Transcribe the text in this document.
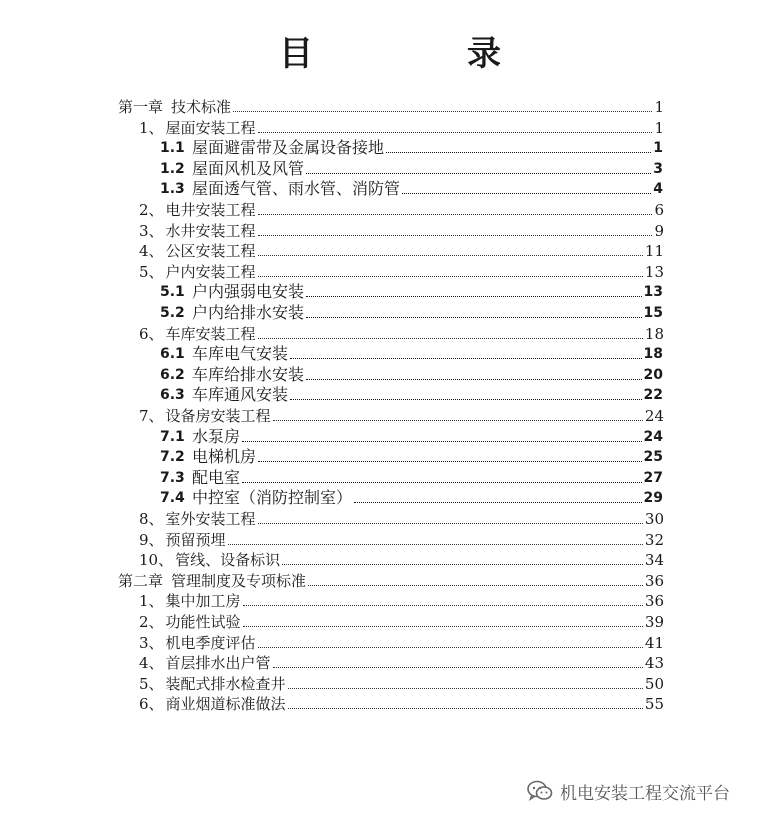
目　录
第一章 技术标准	1
1、 屋面安装工程	1
1.1 屋面避雷带及金属设备接地	1
1.2 屋面风机及风管	3
1.3 屋面透气管、雨水管、消防管	4
2、 电井安装工程	6
3、 水井安装工程	9
4、 公区安装工程	11
5、 户内安装工程	13
5.1 户内强弱电安装	13
5.2 户内给排水安装	15
6、 车库安装工程	18
6.1 车库电气安装	18
6.2 车库给排水安装	20
6.3 车库通风安装	22
7、 设备房安装工程	24
7.1 水泵房	24
7.2 电梯机房	25
7.3 配电室	27
7.4 中控室（消防控制室）	29
8、 室外安装工程	30
9、 预留预埋	32
10、 管线、设备标识	34
第二章 管理制度及专项标准	36
1、 集中加工房	36
2、 功能性试验	39
3、 机电季度评估	41
4、 首层排水出户管	43
5、 装配式排水检查井	50
6、 商业烟道标准做法	55
机电安装工程交流平台
